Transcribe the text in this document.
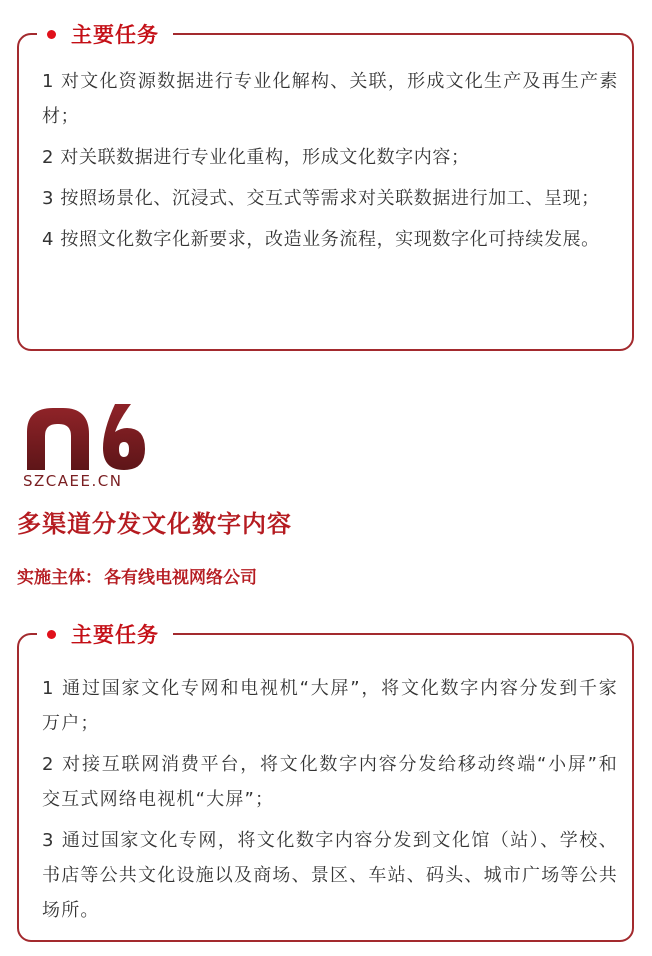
主要任务

1 对文化资源数据进行专业化解构、关联，形成文化生产及再生产素材；

2 对关联数据进行专业化重构，形成文化数字内容；

3 按照场景化、沉浸式、交互式等需求对关联数据进行加工、呈现；

4 按照文化数字化新要求，改造业务流程，实现数字化可持续发展。

SZCAEE.CN
多渠道分发文化数字内容
实施主体： 各有线电视网络公司
主要任务

1 通过国家文化专网和电视机“大屏”，将文化数字内容分发到千家万户；

2 对接互联网消费平台，将文化数字内容分发给移动终端“小屏”和交互式网络电视机“大屏”；

3 通过国家文化专网，将文化数字内容分发到文化馆（站）、学校、书店等公共文化设施以及商场、景区、车站、码头、城市广场等公共场所。
